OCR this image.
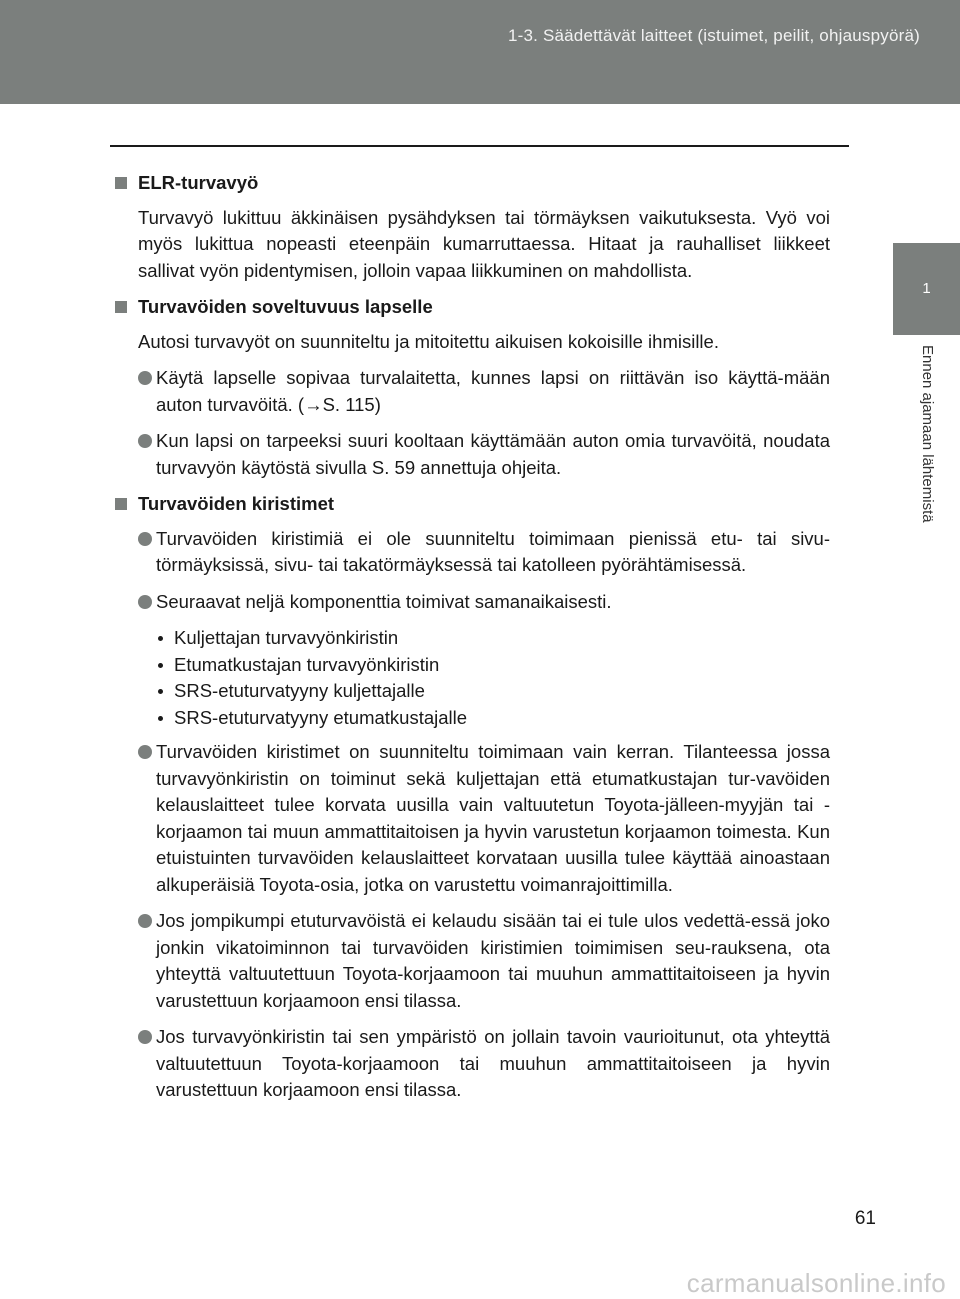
1-3. Säädettävät laitteet (istuimet, peilit, ohjauspyörä)
1
Ennen ajamaan lähtemistä
ELR-turvavyö

Turvavyö lukittuu äkkinäisen pysähdyksen tai törmäyksen vaikutuksesta. Vyö voi myös lukittua nopeasti eteenpäin kumarruttaessa. Hitaat ja rauhalliset liikkeet sallivat vyön pidentymisen, jolloin vapaa liikkuminen on mahdollista.

Turvavöiden soveltuvuus lapselle

Autosi turvavyöt on suunniteltu ja mitoitettu aikuisen kokoisille ihmisille.

Käytä lapselle sopivaa turvalaitetta, kunnes lapsi on riittävän iso käyttä-mään auton turvavöitä. (→S. 115)
Kun lapsi on tarpeeksi suuri kooltaan käyttämään auton omia turvavöitä, noudata turvavyön käytöstä sivulla S. 59 annettuja ohjeita.
Turvavöiden kiristimet
Turvavöiden kiristimiä ei ole suunniteltu toimimaan pienissä etu- tai sivu-törmäyksissä, sivu- tai takatörmäyksessä tai katolleen pyörähtämisessä.
Seuraavat neljä komponenttia toimivat samanaikaisesti.
Kuljettajan turvavyönkiristin
Etumatkustajan turvavyönkiristin
SRS-etuturvatyyny kuljettajalle
SRS-etuturvatyyny etumatkustajalle
Turvavöiden kiristimet on suunniteltu toimimaan vain kerran. Tilanteessa jossa turvavyönkiristin on toiminut sekä kuljettajan että etumatkustajan tur-vavöiden kelauslaitteet tulee korvata uusilla vain valtuutetun Toyota-jälleen-myyjän tai -korjaamon tai muun ammattitaitoisen ja hyvin varustetun korjaamon toimesta. Kun etuistuinten turvavöiden kelauslaitteet korvataan uusilla tulee käyttää ainoastaan alkuperäisiä Toyota-osia, jotka on varustettu voimanrajoittimilla.
Jos jompikumpi etuturvavöistä ei kelaudu sisään tai ei tule ulos vedettä-essä joko jonkin vikatoiminnon tai turvavöiden kiristimien toimimisen seu-rauksena, ota yhteyttä valtuutettuun Toyota-korjaamoon tai muuhun ammattitaitoiseen ja hyvin varustettuun korjaamoon ensi tilassa.
Jos turvavyönkiristin tai sen ympäristö on jollain tavoin vaurioitunut, ota yhteyttä valtuutettuun Toyota-korjaamoon tai muuhun ammattitaitoiseen ja hyvin varustettuun korjaamoon ensi tilassa.
61
carmanualsonline.info
